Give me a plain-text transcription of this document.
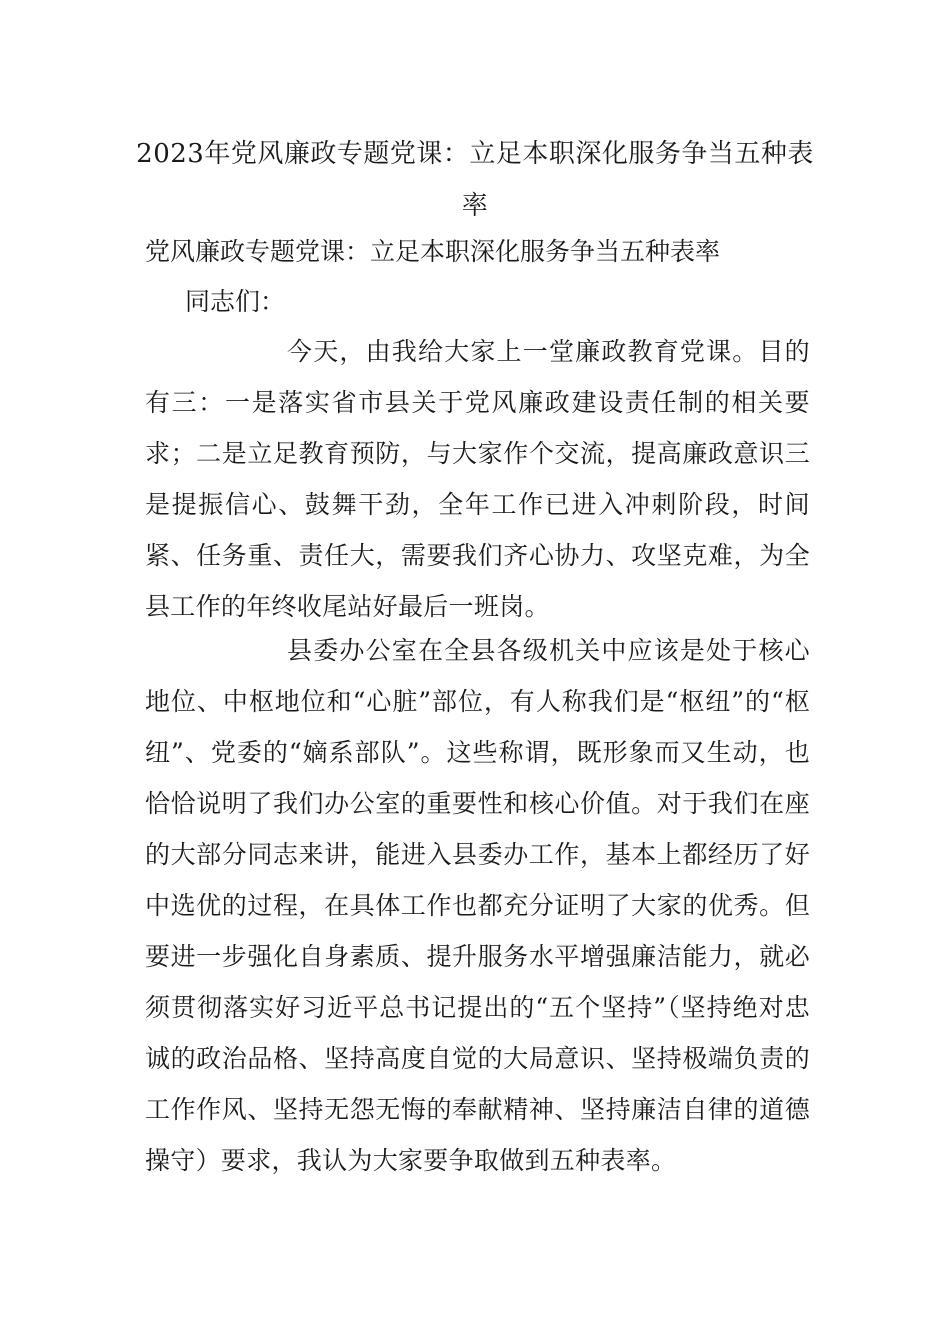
2023年党风廉政专题党课：立足本职深化服务争当五种表率
党风廉政专题党课：立足本职深化服务争当五种表率
同志们：
今天，由我给大家上一堂廉政教育党课。目的有三：一是落实省市县关于党风廉政建设责任制的相关要求；二是立足教育预防，与大家作个交流，提高廉政意识三是提振信心、鼓舞干劲，全年工作已进入冲刺阶段，时间紧、任务重、责任大，需要我们齐心协力、攻坚克难，为全县工作的年终收尾站好最后一班岗。
县委办公室在全县各级机关中应该是处于核心地位、中枢地位和“心脏”部位，有人称我们是“枢纽”的“枢纽”、党委的“嫡系部队”。这些称谓，既形象而又生动，也恰恰说明了我们办公室的重要性和核心价值。对于我们在座的大部分同志来讲，能进入县委办工作，基本上都经历了好中选优的过程，在具体工作也都充分证明了大家的优秀。但要进一步强化自身素质、提升服务水平增强廉洁能力，就必须贯彻落实好习近平总书记提出的“五个坚持”（坚持绝对忠诚的政治品格、坚持高度自觉的大局意识、坚持极端负责的工作作风、坚持无怨无悔的奉献精神、坚持廉洁自律的道德操守）要求，我认为大家要争取做到五种表率。
